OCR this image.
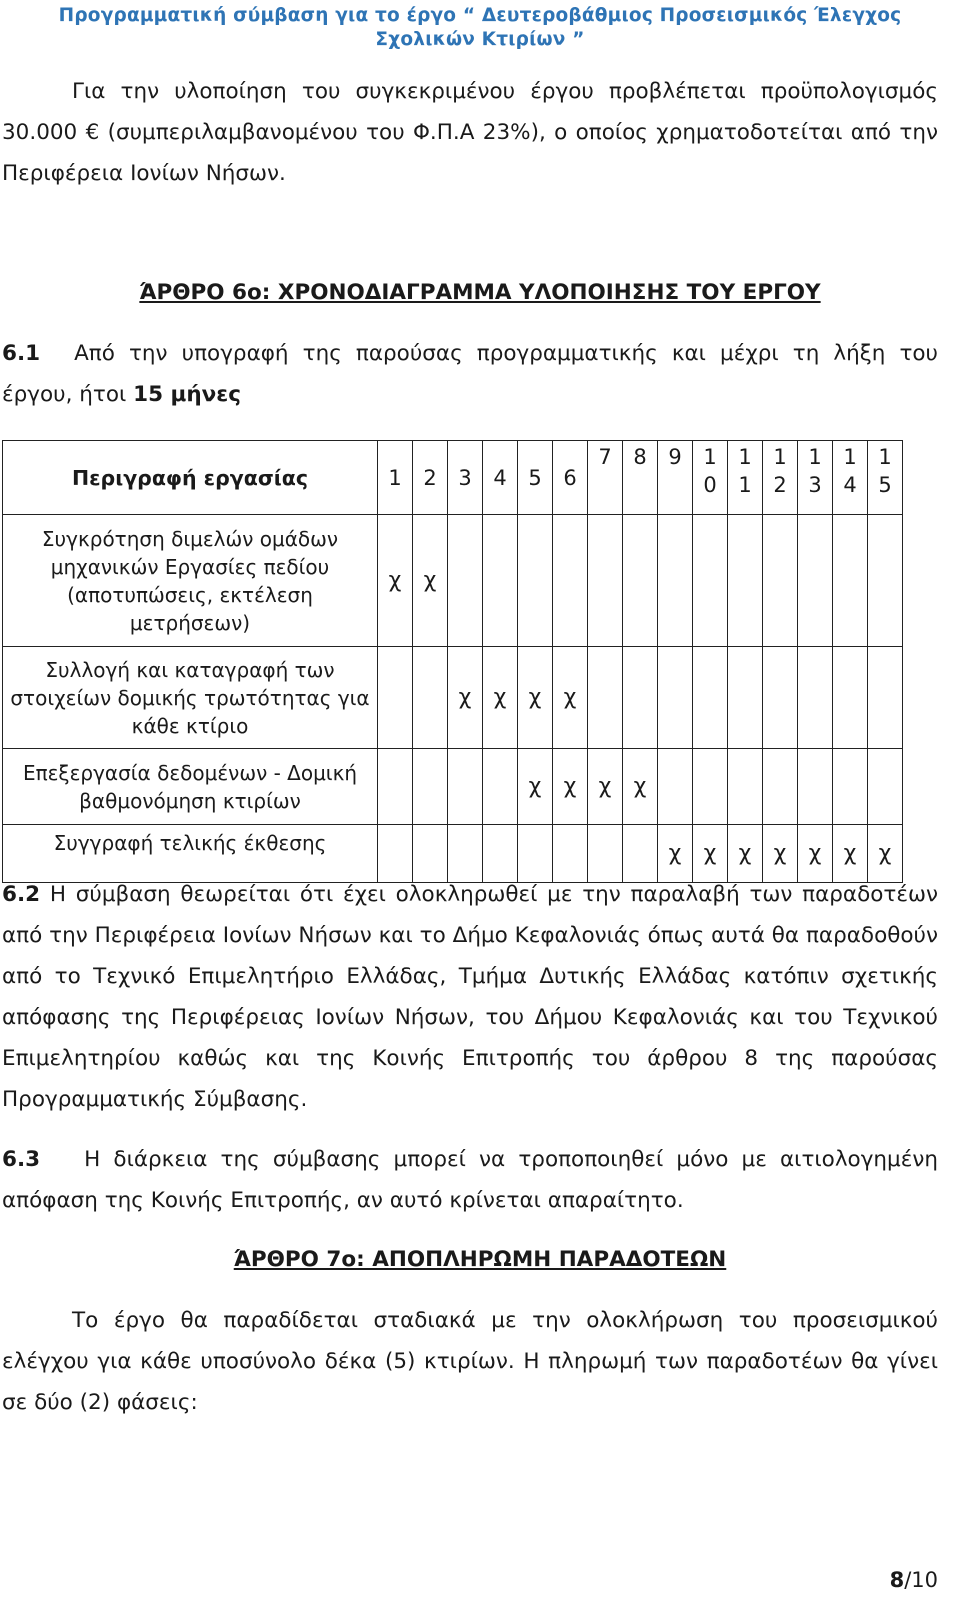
Προγραμματική σύμβαση για το έργο “ Δευτεροβάθμιος Προσεισμικός Έλεγχος
Σχολικών Κτιρίων ”
Για την υλοποίηση του συγκεκριμένου έργου προβλέπεται προϋπολογισμός 30.000 € (συμπεριλαμβανομένου του Φ.Π.Α 23%), ο οποίος χρηματοδοτείται από την Περιφέρεια Ιονίων Νήσων.
ΆΡΘΡΟ 6ο: ΧΡΟΝΟΔΙΑΓΡΑΜΜΑ ΥΛΟΠΟΙΗΣΗΣ ΤΟΥ ΕΡΓΟΥ
6.1 Από την υπογραφή της παρούσας προγραμματικής και μέχρι τη λήξη του έργου, ήτοι 15 μήνες
Περιγραφή εργασίας	1	2	3	4	5	6	7	8	9	10	11	12	13	14	15

Συγκρότηση διμελών ομάδων μηχανικών Εργασίες πεδίου (αποτυπώσεις, εκτέλεση μετρήσεων)	χ	χ													
Συλλογή και καταγραφή των στοιχείων δομικής τρωτότητας για κάθε κτίριο			χ	χ	χ	χ									
Επεξεργασία δεδομένων - Δομική βαθμονόμηση κτιρίων					χ	χ	χ	χ							
Συγγραφή τελικής έκθεσης									χ	χ	χ	χ	χ	χ	χ
6.2 Η σύμβαση θεωρείται ότι έχει ολοκληρωθεί με την παραλαβή των παραδοτέων από την Περιφέρεια Ιονίων Νήσων και το Δήμο Κεφαλονιάς όπως αυτά θα παραδοθούν από το Τεχνικό Επιμελητήριο Ελλάδας, Τμήμα Δυτικής Ελλάδας κατόπιν σχετικής απόφασης της Περιφέρειας Ιονίων Νήσων, του Δήμου Κεφαλονιάς και του Τεχνικού Επιμελητηρίου καθώς και της Κοινής Επιτροπής του άρθρου 8 της παρούσας Προγραμματικής Σύμβασης.
6.3 Η διάρκεια της σύμβασης μπορεί να τροποποιηθεί μόνο με αιτιολογημένη απόφαση της Κοινής Επιτροπής, αν αυτό κρίνεται απαραίτητο.
ΆΡΘΡΟ 7ο: ΑΠΟΠΛΗΡΩΜΗ ΠΑΡΑΔΟΤΕΩΝ
Το έργο θα παραδίδεται σταδιακά με την ολοκλήρωση του προσεισμικού ελέγχου για κάθε υποσύνολο δέκα (5) κτιρίων. Η πληρωμή των παραδοτέων θα γίνει σε δύο (2) φάσεις:
8/10
